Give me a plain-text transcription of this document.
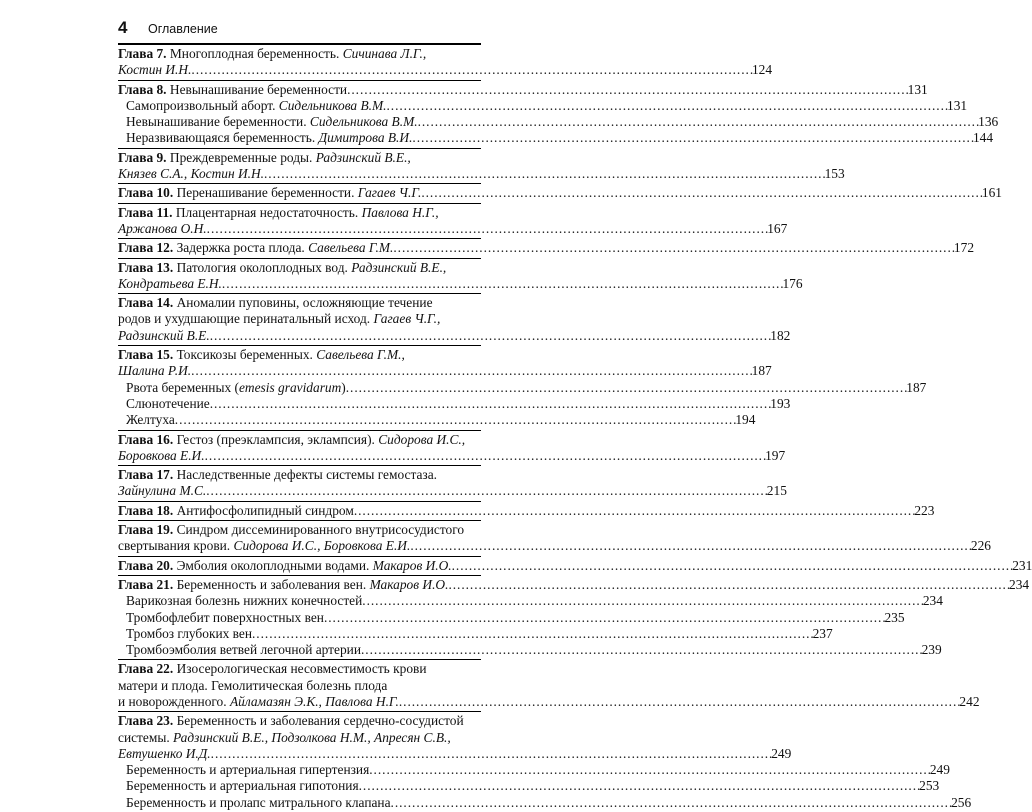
4	Оглавление
Глава 7. Многоплодная беременность. Сичинава Л.Г.,
Костин И.Н. . . .	124
Глава 8. Невынашивание беременности . . .	131
Самопроизвольный аборт. Сидельникова В.М. . . .	131
Невынашивание беременности. Сидельникова В.М. . . .	136
Неразвивающаяся беременность. Димитрова В.И. . . .	144
Глава 9. Преждевременные роды. Радзинский В.Е.,
Князев С.А., Костин И.Н. . . .	153
Глава 10. Перенашивание беременности. Гагаев Ч.Г. . . .	161
Глава 11. Плацентарная недостаточность. Павлова Н.Г.,
Аржанова О.Н. . . .	167
Глава 12. Задержка роста плода. Савельева Г.М. . . .	172
Глава 13. Патология околоплодных вод. Радзинский В.Е.,
Кондратьева Е.Н. . . .	176
Глава 14. Аномалии пуповины, осложняющие течение
родов и ухудшающие перинатальный исход. Гагаев Ч.Г.,
Радзинский В.Е. . . .	182
Глава 15. Токсикозы беременных. Савельева Г.М.,
Шалина Р.И. . . .	187
Рвота беременных (emesis gravidarum) . . .	187
Слюнотечение . . .	193
Желтуха . . .	194
Глава 16. Гестоз (преэклампсия, эклампсия). Сидорова И.С.,
Боровкова Е.И. . . .	197
Глава 17. Наследственные дефекты системы гемостаза.
Зайнулина М.С. . . .	215
Глава 18. Антифосфолипидный синдром . . .	223
Глава 19. Синдром диссеминированного внутрисосудистого
свертывания крови. Сидорова И.С., Боровкова Е.И. . . .	226
Глава 20. Эмболия околоплодными водами. Макаров И.О. . . .	231
Глава 21. Беременность и заболевания вен. Макаров И.О. . . .	234
Варикозная болезнь нижних конечностей . . .	234
Тромбофлебит поверхностных вен . . .	235
Тромбоз глубоких вен . . .	237
Тромбоэмболия ветвей легочной артерии . . .	239
Глава 22. Изосерологическая несовместимость крови
матери и плода. Гемолитическая болезнь плода
и новорожденного. Айламазян Э.К., Павлова Н.Г. . . .	242
Глава 23. Беременность и заболевания сердечно-сосудистой
системы. Радзинский В.Е., Подзолкова Н.М., Апресян С.В.,
Евтушенко И.Д. . . .	249
Беременность и артериальная гипертензия . . .	249
Беременность и артериальная гипотония . . .	253
Беременность и пролапс митрального клапана . . .	256
